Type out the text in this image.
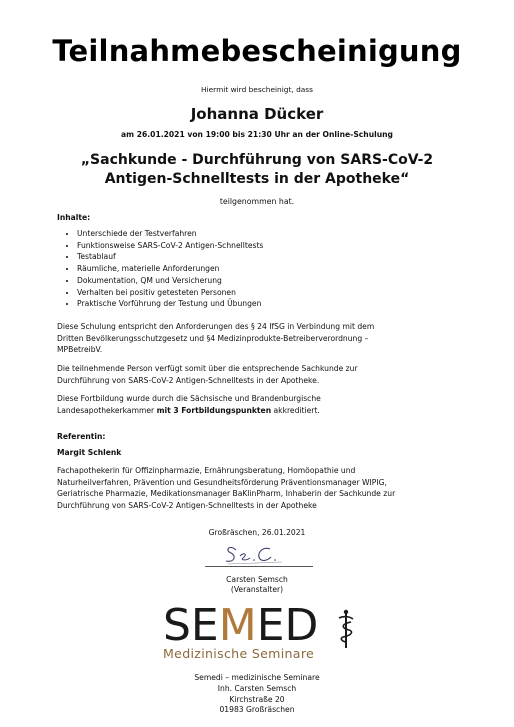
Teilnahmebescheinigung
Hiermit wird bescheinigt, dass
Johanna Dücker
am 26.01.2021 von 19:00 bis 21:30 Uhr an der Online-Schulung
„Sachkunde - Durchführung von SARS-CoV-2
Antigen-Schnelltests in der Apotheke“
teilgenommen hat.
Inhalte:
• Unterschiede der Testverfahren
• Funktionsweise SARS-CoV-2 Antigen-Schnelltests
• Testablauf
• Räumliche, materielle Anforderungen
• Dokumentation, QM und Versicherung
• Verhalten bei positiv getesteten Personen
• Praktische Vorführung der Testung und Übungen
Diese Schulung entspricht den Anforderungen des § 24 IfSG in Verbindung mit dem
Dritten Bevölkerungsschutzgesetz und §4 Medizinprodukte-Betreiberverordnung –
MPBetreibV.
Die teilnehmende Person verfügt somit über die entsprechende Sachkunde zur
Durchführung von SARS-CoV-2 Antigen-Schnelltests in der Apotheke.
Diese Fortbildung wurde durch die Sächsische und Brandenburgische
Landesapothekerkammer mit 3 Fortbildungspunkten akkreditiert.
Referentin:
Margit Schlenk
Fachapothekerin für Offizinpharmazie, Ernährungsberatung, Homöopathie und
Naturheilverfahren, Prävention und Gesundheitsförderung Präventionsmanager WIPIG,
Geriatrische Pharmazie, Medikationsmanager BaKlinPharm, Inhaberin der Sachkunde zur
Durchführung von SARS-CoV-2 Antigen-Schnelltests in der Apotheke
Großräschen, 26.01.2021
Carsten Semsch
(Veranstalter)
SEMED
Medizinische Seminare
Semedi – medizinische Seminare
Inh. Carsten Semsch
Kirchstraße 20
01983 Großräschen
